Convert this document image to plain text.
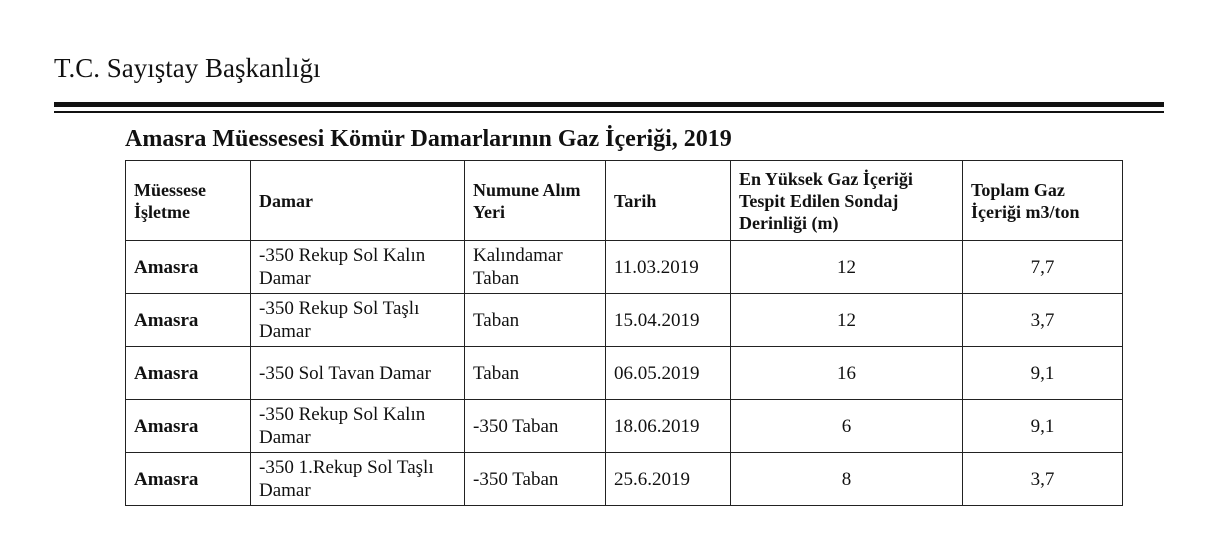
T.C. Sayıştay Başkanlığı
Amasra Müessesesi Kömür Damarlarının Gaz İçeriği, 2019
Müessese İşletme	Damar	Numune Alım Yeri	Tarih	En Yüksek Gaz İçeriği Tespit Edilen Sondaj Derinliği (m)	Toplam Gaz İçeriği m3/ton
Amasra	-350 Rekup Sol Kalın Damar	Kalındamar Taban	11.03.2019	12	7,7
Amasra	-350 Rekup Sol Taşlı Damar	Taban	15.04.2019	12	3,7
Amasra	-350 Sol Tavan Damar	Taban	06.05.2019	16	9,1
Amasra	-350 Rekup Sol Kalın Damar	-350 Taban	18.06.2019	6	9,1
Amasra	-350 1.Rekup Sol Taşlı Damar	-350 Taban	25.6.2019	8	3,7
